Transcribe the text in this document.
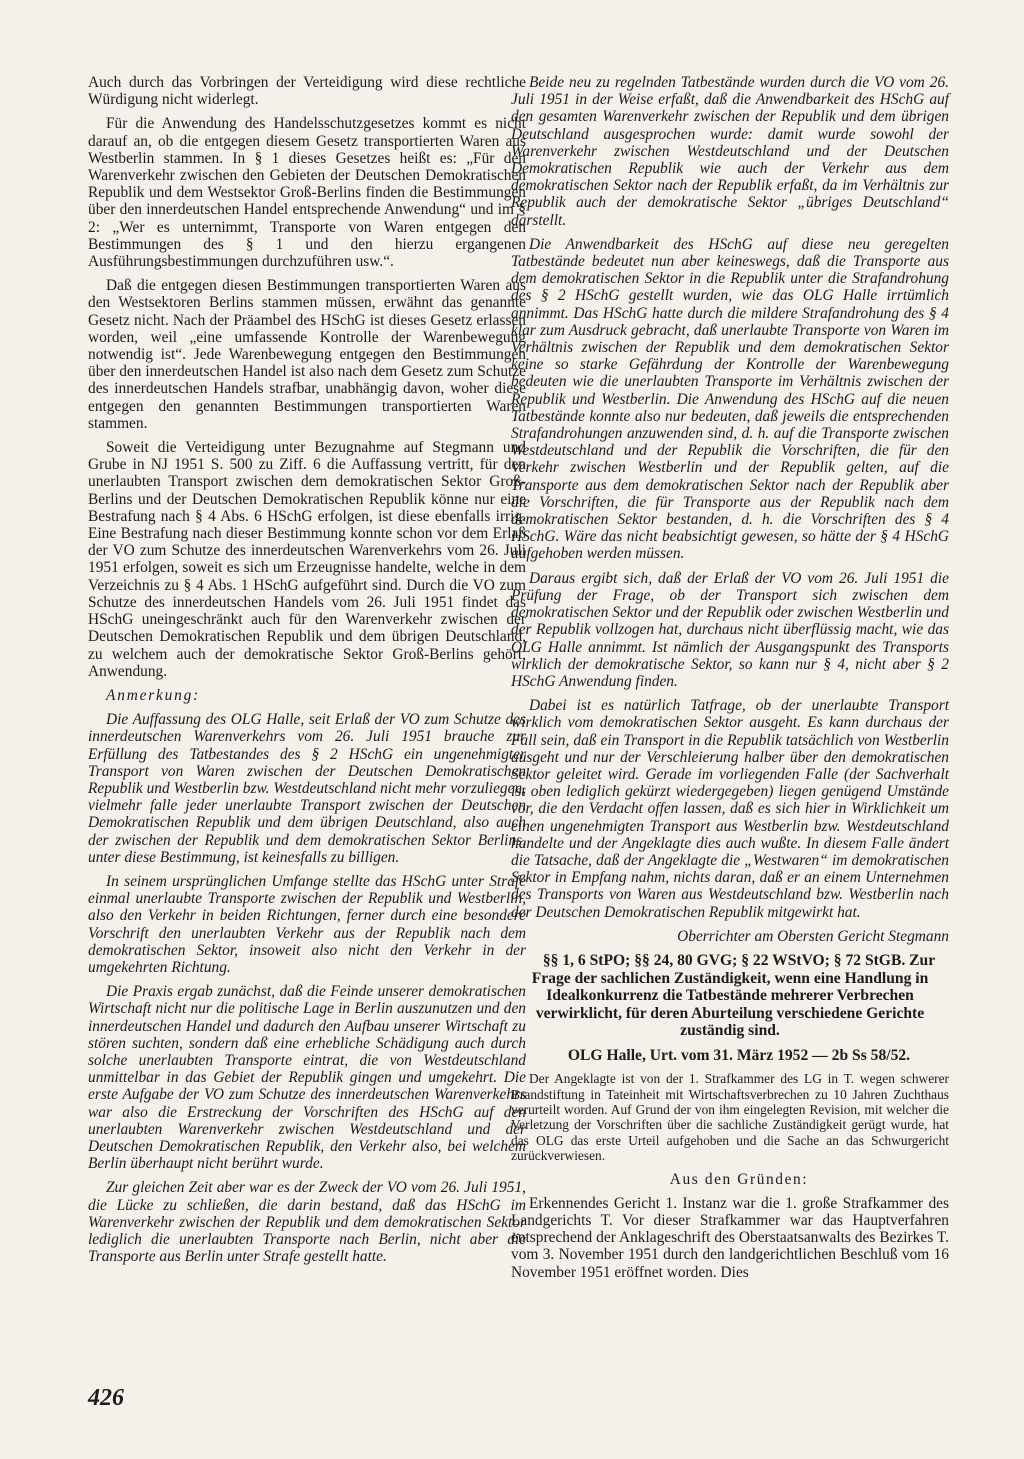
Auch durch das Vorbringen der Verteidigung wird diese rechtliche Würdigung nicht widerlegt.

Für die Anwendung des Handelsschutzgesetzes kommt es nicht darauf an, ob die entgegen diesem Gesetz transportierten Waren aus Westberlin stammen. In § 1 dieses Gesetzes heißt es: „Für den Warenverkehr zwischen den Gebieten der Deutschen Demokratischen Republik und dem Westsektor Groß-Berlins finden die Bestimmungen über den innerdeutschen Handel entsprechende Anwendung“ und im § 2: „Wer es unternimmt, Transporte von Waren entgegen den Bestimmungen des § 1 und den hierzu ergangenen Ausführungsbestimmungen durchzuführen usw.“.

Daß die entgegen diesen Bestimmungen transportierten Waren aus den Westsektoren Berlins stammen müssen, erwähnt das genannte Gesetz nicht. Nach der Präambel des HSchG ist dieses Gesetz erlassen worden, weil „eine umfassende Kontrolle der Warenbewegung notwendig ist“. Jede Warenbewegung entgegen den Bestimmungen über den innerdeutschen Handel ist also nach dem Gesetz zum Schutze des innerdeutschen Handels strafbar, unabhängig davon, woher diese entgegen den genannten Bestimmungen transportierten Waren stammen.

Soweit die Verteidigung unter Bezugnahme auf Stegmann und Grube in NJ 1951 S. 500 zu Ziff. 6 die Auffassung vertritt, für den unerlaubten Transport zwischen dem demokratischen Sektor Groß-Berlins und der Deutschen Demokratischen Republik könne nur eine Bestrafung nach § 4 Abs. 6 HSchG erfolgen, ist diese ebenfalls irrig. Eine Bestrafung nach dieser Bestimmung konnte schon vor dem Erlaß der VO zum Schutze des innerdeutschen Warenverkehrs vom 26. Juli 1951 erfolgen, soweit es sich um Erzeugnisse handelte, welche in dem Verzeichnis zu § 4 Abs. 1 HSchG aufgeführt sind. Durch die VO zum Schutze des innerdeutschen Handels vom 26. Juli 1951 findet das HSchG uneingeschränkt auch für den Warenverkehr zwischen der Deutschen Demokratischen Republik und dem übrigen Deutschland, zu welchem auch der demokratische Sektor Groß-Berlins gehört, Anwendung.

Anmerkung:

Die Auffassung des OLG Halle, seit Erlaß der VO zum Schutze des innerdeutschen Warenverkehrs vom 26. Juli 1951 brauche zur Erfüllung des Tatbestandes des § 2 HSchG ein ungenehmigter Transport von Waren zwischen der Deutschen Demokratischen Republik und Westberlin bzw. Westdeutschland nicht mehr vorzuliegen, vielmehr falle jeder unerlaubte Transport zwischen der Deutschen Demokratischen Republik und dem übrigen Deutschland, also auch der zwischen der Republik und dem demokratischen Sektor Berlins, unter diese Bestimmung, ist keinesfalls zu billigen.

In seinem ursprünglichen Umfange stellte das HSchG unter Strafe einmal unerlaubte Transporte zwischen der Republik und Westberlin, also den Verkehr in beiden Richtungen, ferner durch eine besondere Vorschrift den unerlaubten Verkehr aus der Republik nach dem demokratischen Sektor, insoweit also nicht den Verkehr in der umgekehrten Richtung.

Die Praxis ergab zunächst, daß die Feinde unserer demokratischen Wirtschaft nicht nur die politische Lage in Berlin auszunutzen und den innerdeutschen Handel und dadurch den Aufbau unserer Wirtschaft zu stören suchten, sondern daß eine erhebliche Schädigung auch durch solche unerlaubten Transporte eintrat, die von Westdeutschland unmittelbar in das Gebiet der Republik gingen und umgekehrt. Die erste Aufgabe der VO zum Schutze des innerdeutschen Warenverkehrs war also die Erstreckung der Vorschriften des HSchG auf den unerlaubten Warenverkehr zwischen Westdeutschland und der Deutschen Demokratischen Republik, den Verkehr also, bei welchem Berlin überhaupt nicht berührt wurde.

Zur gleichen Zeit aber war es der Zweck der VO vom 26. Juli 1951, die Lücke zu schließen, die darin bestand, daß das HSchG im Warenverkehr zwischen der Republik und dem demokratischen Sektor lediglich die unerlaubten Transporte nach Berlin, nicht aber die Transporte aus Berlin unter Strafe gestellt hatte.

Beide neu zu regelnden Tatbestände wurden durch die VO vom 26. Juli 1951 in der Weise erfaßt, daß die Anwendbarkeit des HSchG auf den gesamten Warenverkehr zwischen der Republik und dem übrigen Deutschland ausgesprochen wurde: damit wurde sowohl der Warenverkehr zwischen Westdeutschland und der Deutschen Demokratischen Republik wie auch der Verkehr aus dem demokratischen Sektor nach der Republik erfaßt, da im Verhältnis zur Republik auch der demokratische Sektor „übriges Deutschland“ darstellt.

Die Anwendbarkeit des HSchG auf diese neu geregelten Tatbestände bedeutet nun aber keineswegs, daß die Transporte aus dem demokratischen Sektor in die Republik unter die Strafandrohung des § 2 HSchG gestellt wurden, wie das OLG Halle irrtümlich annimmt. Das HSchG hatte durch die mildere Strafandrohung des § 4 klar zum Ausdruck gebracht, daß unerlaubte Transporte von Waren im Verhältnis zwischen der Republik und dem demokratischen Sektor keine so starke Gefährdung der Kontrolle der Warenbewegung bedeuten wie die unerlaubten Transporte im Verhältnis zwischen der Republik und Westberlin. Die Anwendung des HSchG auf die neuen Tatbestände konnte also nur bedeuten, daß jeweils die entsprechenden Strafandrohungen anzuwenden sind, d. h. auf die Transporte zwischen Westdeutschland und der Republik die Vorschriften, die für den Verkehr zwischen Westberlin und der Republik gelten, auf die Transporte aus dem demokratischen Sektor nach der Republik aber die Vorschriften, die für Transporte aus der Republik nach dem demokratischen Sektor bestanden, d. h. die Vorschriften des § 4 HSchG. Wäre das nicht beabsichtigt gewesen, so hätte der § 4 HSchG aufgehoben werden müssen.

Daraus ergibt sich, daß der Erlaß der VO vom 26. Juli 1951 die Prüfung der Frage, ob der Transport sich zwischen dem demokratischen Sektor und der Republik oder zwischen Westberlin und der Republik vollzogen hat, durchaus nicht überflüssig macht, wie das OLG Halle annimmt. Ist nämlich der Ausgangspunkt des Transports wirklich der demokratische Sektor, so kann nur § 4, nicht aber § 2 HSchG Anwendung finden.

Dabei ist es natürlich Tatfrage, ob der unerlaubte Transport wirklich vom demokratischen Sektor ausgeht. Es kann durchaus der Fall sein, daß ein Transport in die Republik tatsächlich von Westberlin ausgeht und nur der Verschleierung halber über den demokratischen Sektor geleitet wird. Gerade im vorliegenden Falle (der Sachverhalt ist oben lediglich gekürzt wiedergegeben) liegen genügend Umstände vor, die den Verdacht offen lassen, daß es sich hier in Wirklichkeit um einen ungenehmigten Transport aus Westberlin bzw. Westdeutschland handelte und der Angeklagte dies auch wußte. In diesem Falle ändert die Tatsache, daß der Angeklagte die „Westwaren“ im demokratischen Sektor in Empfang nahm, nichts daran, daß er an einem Unternehmen des Transports von Waren aus Westdeutschland bzw. Westberlin nach der Deutschen Demokratischen Republik mitgewirkt hat.

Oberrichter am Obersten Gericht Stegmann

§§ 1, 6 StPO; §§ 24, 80 GVG; § 22 WStVO; § 72 StGB. Zur Frage der sachlichen Zuständigkeit, wenn eine Handlung in Idealkonkurrenz die Tatbestände mehrerer Verbrechen verwirklicht, für deren Aburteilung verschiedene Gerichte zuständig sind.

OLG Halle, Urt. vom 31. März 1952 — 2b Ss 58/52.

Der Angeklagte ist von der 1. Strafkammer des LG in T. wegen schwerer Brandstiftung in Tateinheit mit Wirtschaftsverbrechen zu 10 Jahren Zuchthaus verurteilt worden. Auf Grund der von ihm eingelegten Revision, mit welcher die Verletzung der Vorschriften über die sachliche Zuständigkeit gerügt wurde, hat das OLG das erste Urteil aufgehoben und die Sache an das Schwurgericht zurückverwiesen.

Aus den Gründen:

Erkennendes Gericht 1. Instanz war die 1. große Strafkammer des Landgerichts T. Vor dieser Strafkammer war das Hauptverfahren entsprechend der Anklageschrift des Oberstaatsanwalts des Bezirkes T. vom 3. November 1951 durch den landgerichtlichen Beschluß vom 16 November 1951 eröffnet worden. Dies

426
